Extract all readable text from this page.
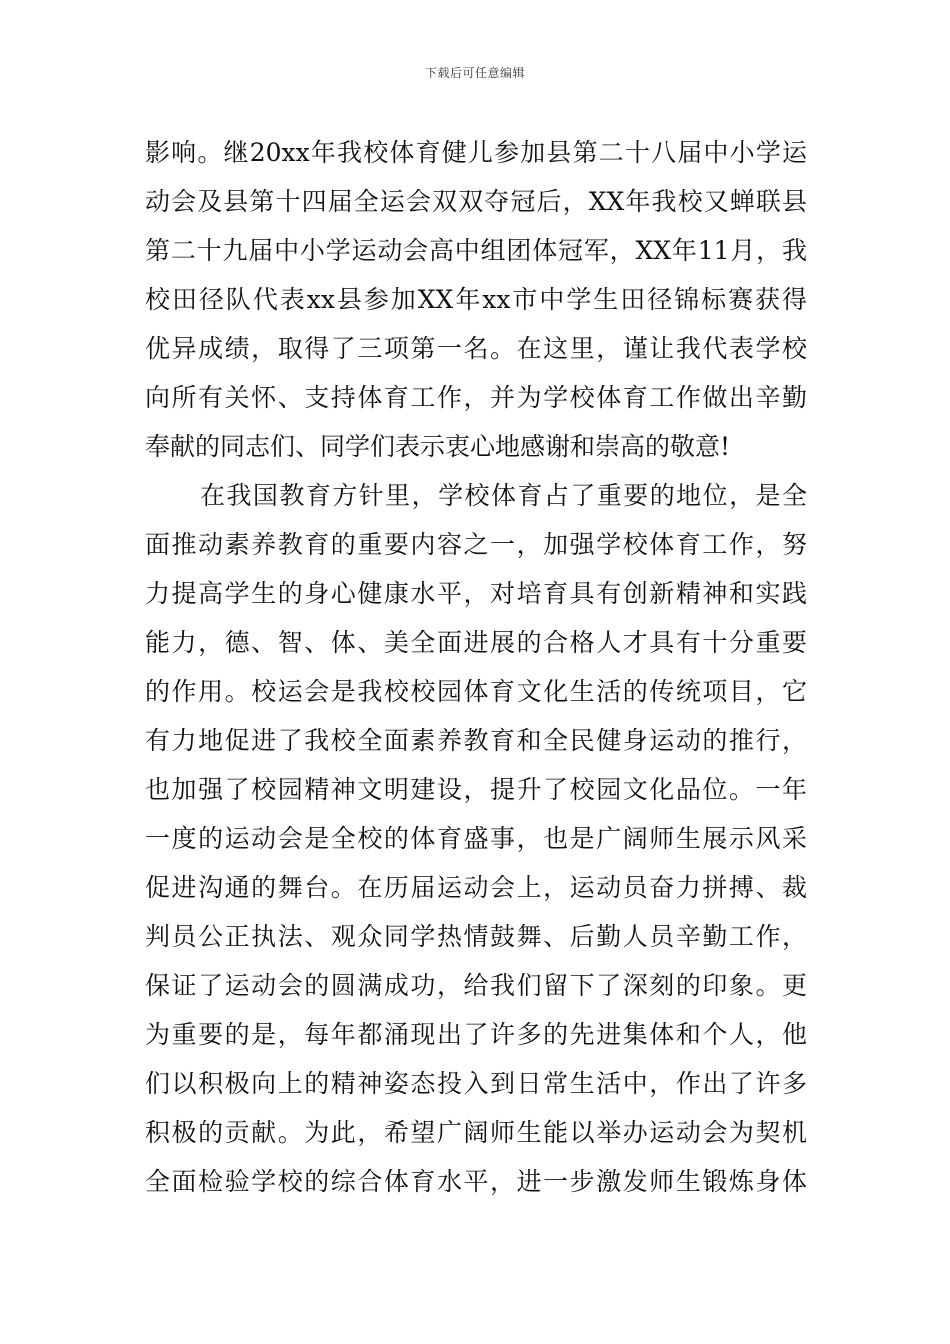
下载后可任意编辑
影响。继20xx年我校体育健儿参加县第二十八届中小学运
动会及县第十四届全运会双双夺冠后，XX年我校又蝉联县
第二十九届中小学运动会高中组团体冠军，XX年11月，我
校田径队代表xx县参加XX年xx市中学生田径锦标赛获得
优异成绩，取得了三项第一名。在这里，谨让我代表学校
向所有关怀、支持体育工作，并为学校体育工作做出辛勤
奉献的同志们、同学们表示衷心地感谢和崇高的敬意!
在我国教育方针里，学校体育占了重要的地位，是全
面推动素养教育的重要内容之一，加强学校体育工作，努
力提高学生的身心健康水平，对培育具有创新精神和实践
能力，德、智、体、美全面进展的合格人才具有十分重要
的作用。校运会是我校校园体育文化生活的传统项目，它
有力地促进了我校全面素养教育和全民健身运动的推行，
也加强了校园精神文明建设，提升了校园文化品位。一年
一度的运动会是全校的体育盛事，也是广阔师生展示风采
促进沟通的舞台。在历届运动会上，运动员奋力拼搏、裁
判员公正执法、观众同学热情鼓舞、后勤人员辛勤工作，
保证了运动会的圆满成功，给我们留下了深刻的印象。更
为重要的是，每年都涌现出了许多的先进集体和个人，他
们以积极向上的精神姿态投入到日常生活中，作出了许多
积极的贡献。为此，希望广阔师生能以举办运动会为契机
全面检验学校的综合体育水平，进一步激发师生锻炼身体
